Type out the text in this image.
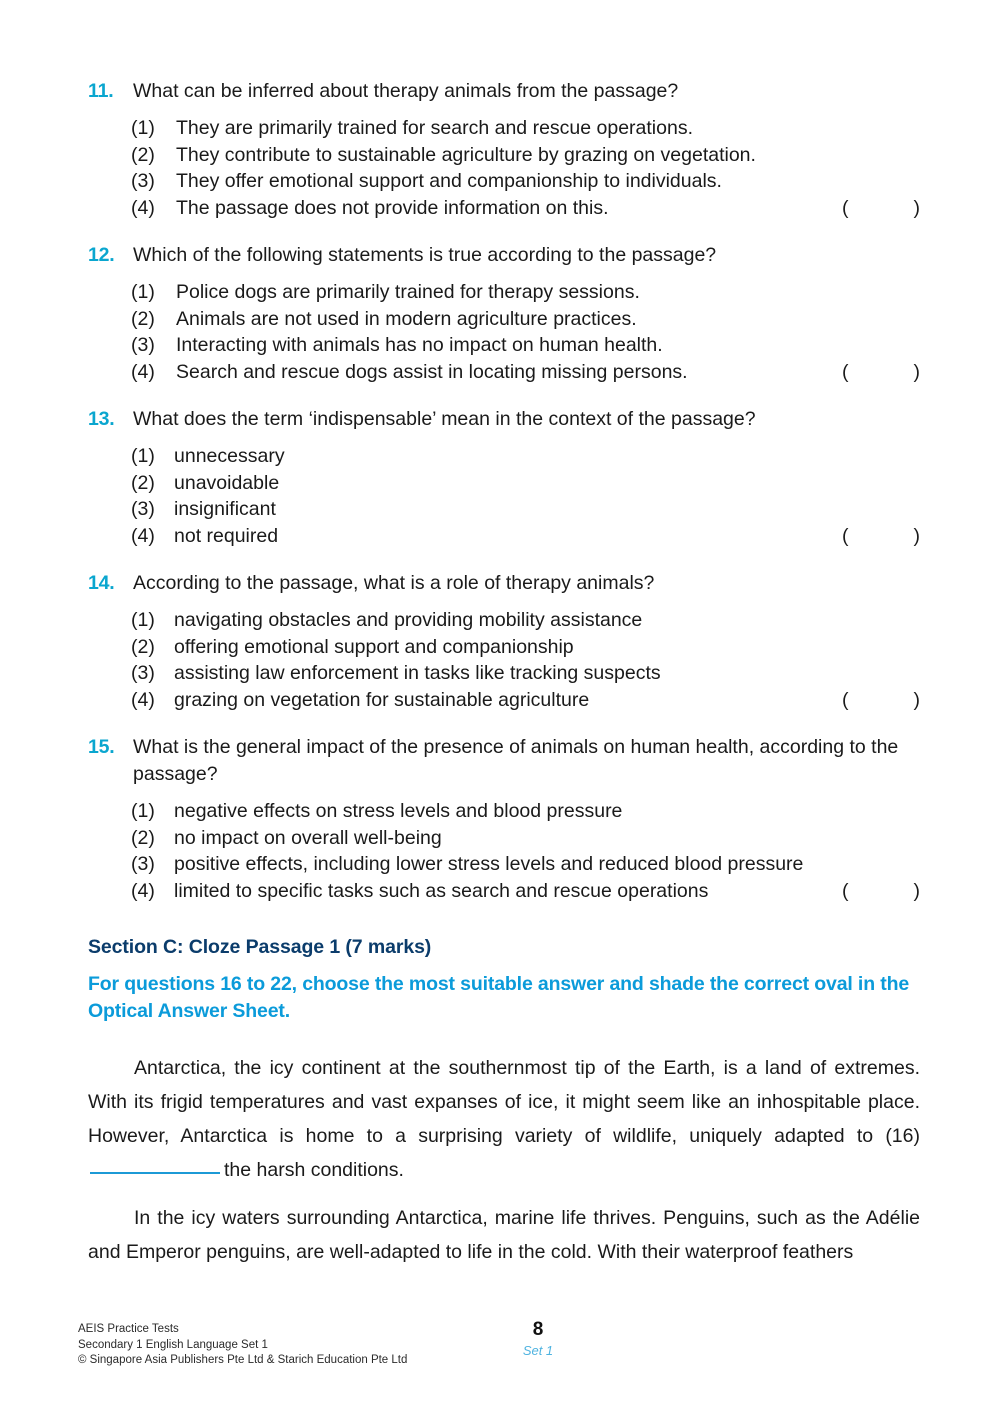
11.	What can be inferred about therapy animals from the passage?
(1)	They are primarily trained for search and rescue operations.
(2)	They contribute to sustainable agriculture by grazing on vegetation.
(3)	They offer emotional support and companionship to individuals.
(4)	The passage does not provide information on this.	(	)
12. Which of the following statements is true according to the passage?
(1)	Police dogs are primarily trained for therapy sessions.
(2)	Animals are not used in modern agriculture practices.
(3)	Interacting with animals has no impact on human health.
(4)	Search and rescue dogs assist in locating missing persons.	(	)
13. What does the term ‘indispensable’ mean in the context of the passage?
(1) unnecessary
(2) unavoidable
(3) insignificant
(4) not required	(	)
14. According to the passage, what is a role of therapy animals?
(1) navigating obstacles and providing mobility assistance
(2) offering emotional support and companionship
(3) assisting law enforcement in tasks like tracking suspects
(4) grazing on vegetation for sustainable agriculture	(	)
15. What is the general impact of the presence of animals on human health, according to the passage?
(1) negative effects on stress levels and blood pressure
(2) no impact on overall well-being
(3) positive effects, including lower stress levels and reduced blood pressure
(4) limited to specific tasks such as search and rescue operations	(	)
Section C: Cloze Passage 1 (7 marks)
For questions 16 to 22, choose the most suitable answer and shade the correct oval in the Optical Answer Sheet.

Antarctica, the icy continent at the southernmost tip of the Earth, is a land of extremes. With its frigid temperatures and vast expanses of ice, it might seem like an inhospitable place. However, Antarctica is home to a surprising variety of wildlife, uniquely adapted to (16)the harsh conditions.

In the icy waters surrounding Antarctica, marine life thrives. Penguins, such as the Adélie and Emperor penguins, are well-adapted to life in the cold. With their waterproof feathers

AEIS Practice Tests
Secondary 1 English Language Set 1
© Singapore Asia Publishers Pte Ltd & Starich Education Pte Ltd
8
Set 1
